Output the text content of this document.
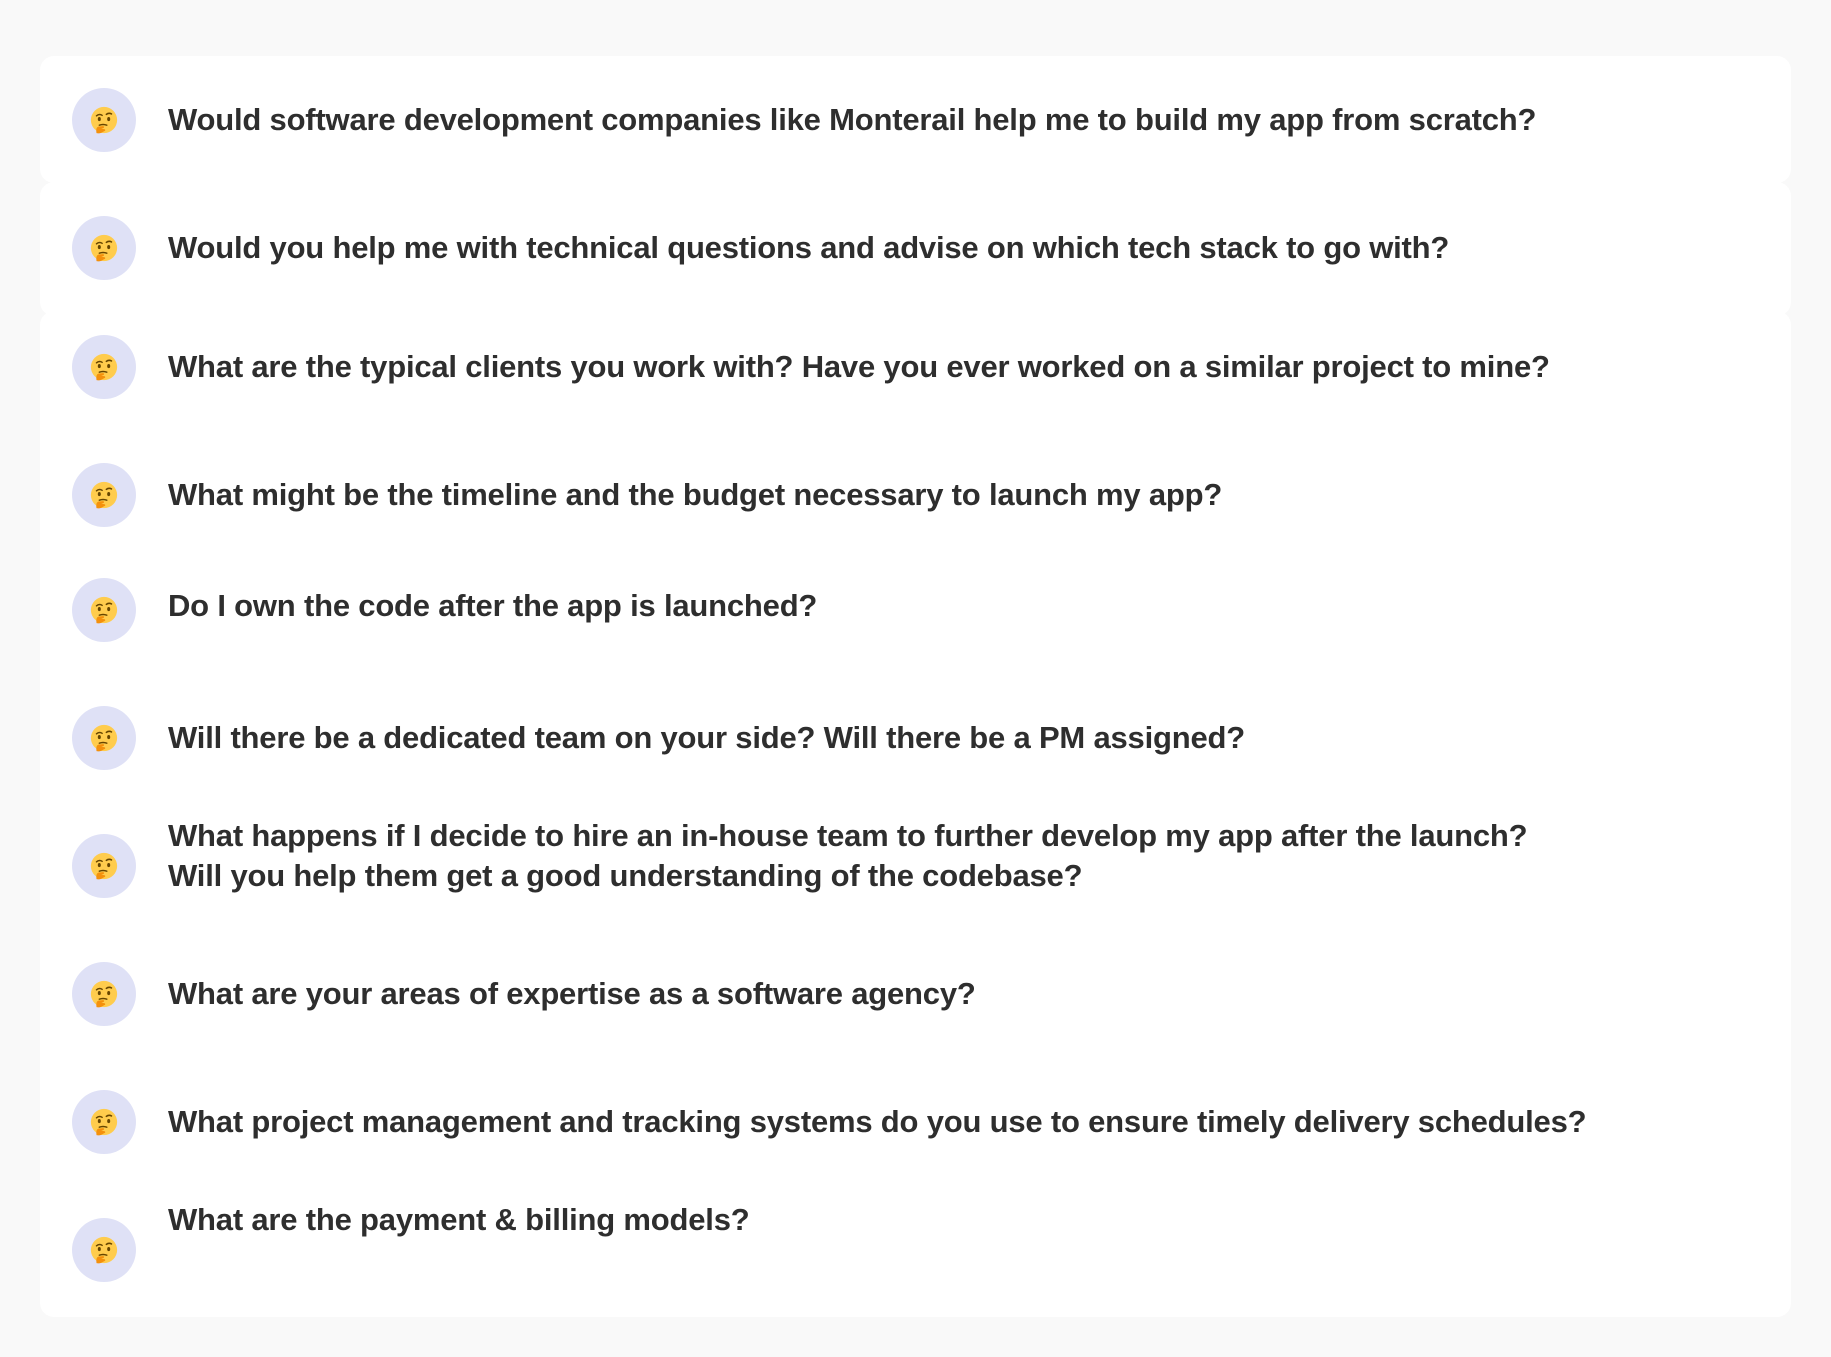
Would software development companies like Monterail help me to build my app from scratch?
Would you help me with technical questions and advise on which tech stack to go with?
What are the typical clients you work with? Have you ever worked on a similar project to mine?
What might be the timeline and the budget necessary to launch my app?
Do I own the code after the app is launched?
Will there be a dedicated team on your side? Will there be a PM assigned?
What happens if I decide to hire an in-house team to further develop my app after the launch?
Will you help them get a good understanding of the codebase?
What are your areas of expertise as a software agency?
What project management and tracking systems do you use to ensure timely delivery schedules?
What are the payment & billing models?
